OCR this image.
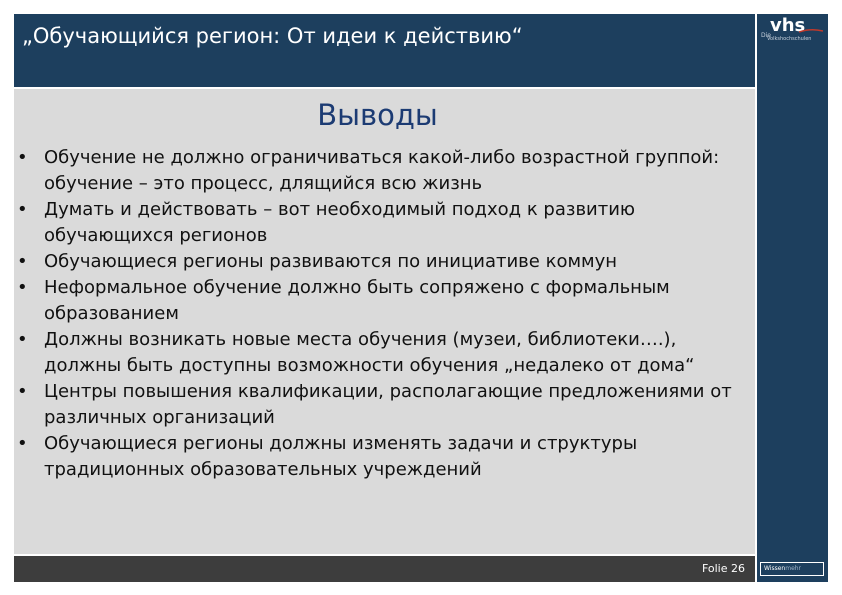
„Обучающийся регион: От идеи к действию“	Die vhs
Volkshochschulen
Выводы
• Обучение не должно ограничиваться какой-либо возрастной группой: обучение – это процесс, длящийся всю жизнь
• Думать и действовать – вот необходимый подход к развитию обучающихся регионов
• Обучающиеся регионы развиваются по инициативе коммун
• Неформальное обучение должно быть сопряжено с формальным образованием
• Должны возникать новые места обучения (музеи, библиотеки….), должны быть доступны возможности обучения „недалеко от дома“
• Центры повышения квалификации, располагающие предложениями от различных организаций
• Обучающиеся регионы должны изменять задачи и структуры традиционных образовательных учреждений
Folie 26	Wissenmehr
